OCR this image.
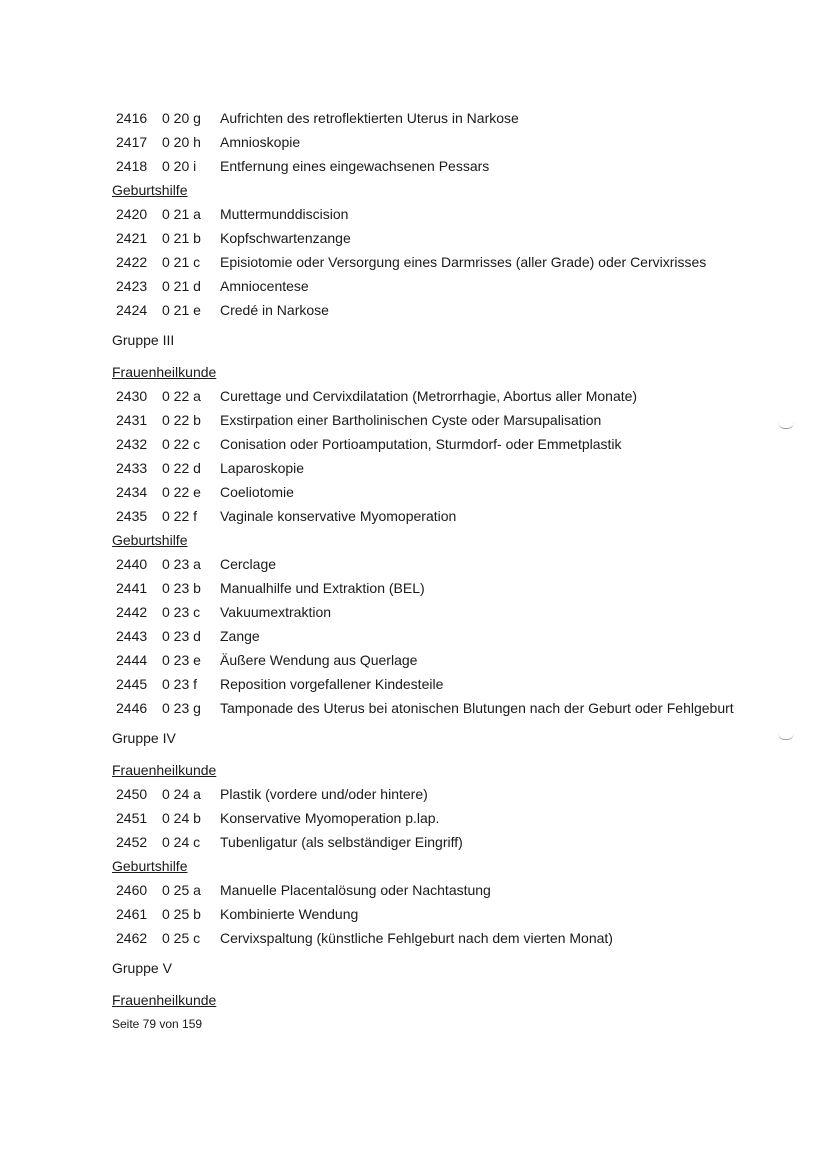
2416	0 20 g	Aufrichten des retroflektierten Uterus in Narkose
2417	0 20 h	Amnioskopie
2418	0 20 i	Entfernung eines eingewachsenen Pessars
Geburtshilfe
2420	0 21 a	Muttermunddiscision
2421	0 21 b	Kopfschwartenzange
2422	0 21 c	Episiotomie oder Versorgung eines Darmrisses (aller Grade) oder Cervixrisses
2423	0 21 d	Amniocentese
2424	0 21 e	Credé in Narkose
Gruppe III
Frauenheilkunde
2430	0 22 a	Curettage und Cervixdilatation (Metrorrhagie, Abortus aller Monate)
2431	0 22 b	Exstirpation einer Bartholinischen Cyste oder Marsupalisation
2432	0 22 c	Conisation oder Portioamputation, Sturmdorf- oder Emmetplastik
2433	0 22 d	Laparoskopie
2434	0 22 e	Coeliotomie
2435	0 22 f	Vaginale konservative Myomoperation
Geburtshilfe
2440	0 23 a	Cerclage
2441	0 23 b	Manualhilfe und Extraktion (BEL)
2442	0 23 c	Vakuumextraktion
2443	0 23 d	Zange
2444	0 23 e	Äußere Wendung aus Querlage
2445	0 23 f	Reposition vorgefallener Kindesteile
2446	0 23 g	Tamponade des Uterus bei atonischen Blutungen nach der Geburt oder Fehlgeburt
Gruppe IV
Frauenheilkunde
2450	0 24 a	Plastik (vordere und/oder hintere)
2451	0 24 b	Konservative Myomoperation p.lap.
2452	0 24 c	Tubenligatur (als selbständiger Eingriff)
Geburtshilfe
2460	0 25 a	Manuelle Placentalösung oder Nachtastung
2461	0 25 b	Kombinierte Wendung
2462	0 25 c	Cervixspaltung (künstliche Fehlgeburt nach dem vierten Monat)
Gruppe V
Frauenheilkunde
Seite 79 von 159
